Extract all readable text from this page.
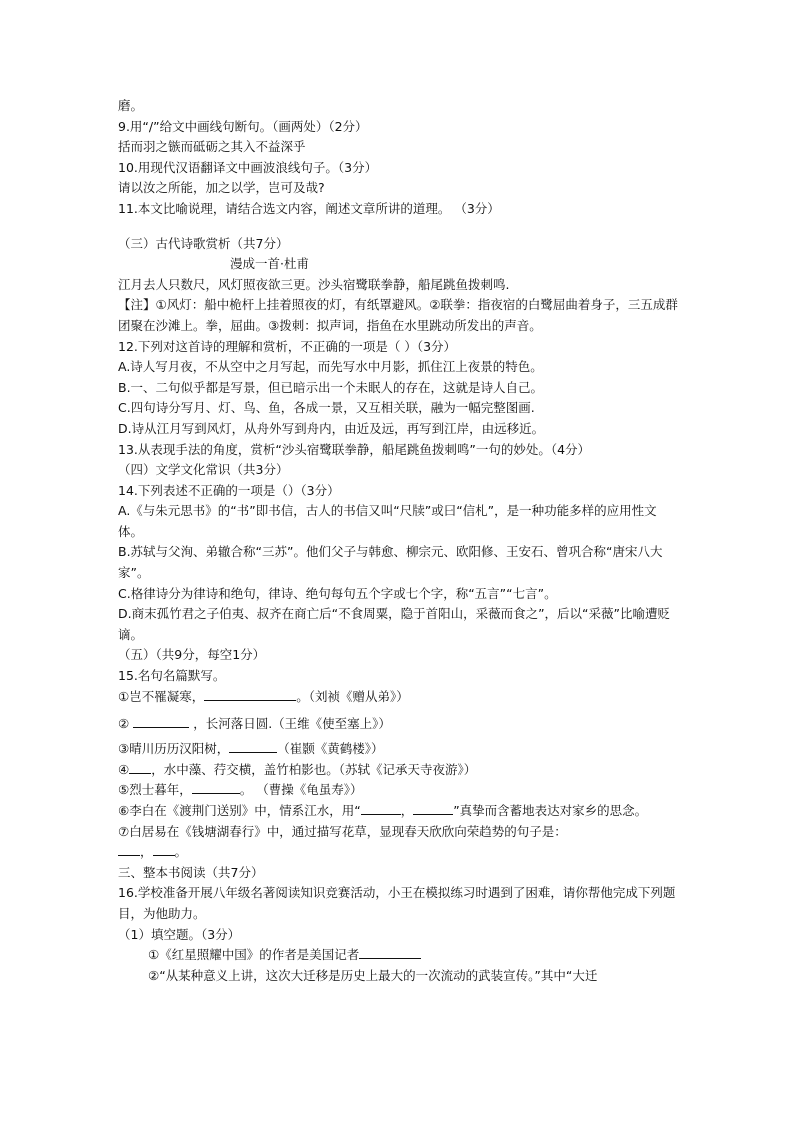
磨。
9.用“/”给文中画线句断句。（画两处）（2分）
括而羽之镞而砥砺之其入不益深乎
10.用现代汉语翻译文中画波浪线句子。（3分）
请以汝之所能，加之以学，岂可及哉?
11.本文比喻说理，请结合选文内容，阐述文章所讲的道理。 （3分）
（三）古代诗歌赏析（共7分）
漫成一首·杜甫
江月去人只数尺，风灯照夜欲三更。沙头宿鹭联拳静，船尾跳鱼拨刺鸣.
【注】①风灯：船中桅杆上挂着照夜的灯，有纸罩避风。②联拳：指夜宿的白鹭屈曲着身子，三五成群团聚在沙滩上。拳，屈曲。③拨刺：拟声词，指鱼在水里跳动所发出的声音。
12.下列对这首诗的理解和赏析，不正确的一项是（ ）（3分）
A.诗人写月夜，不从空中之月写起，而先写水中月影，抓住江上夜景的特色。
B.一、二句似乎都是写景，但已暗示出一个未眠人的存在，这就是诗人自己。
C.四句诗分写月、灯、鸟、鱼，各成一景，又互相关联，融为一幅完整图画.
D.诗从江月写到风灯，从舟外写到舟内，由近及远，再写到江岸，由远移近。
13.从表现手法的角度，赏析“沙头宿鹭联拳静，船尾跳鱼拨刺鸣”一句的妙处。（4分）
（四）文学文化常识（共3分）
14.下列表述不正确的一项是（）（3分）
A.《与朱元思书》的“书”即书信，古人的书信又叫“尺牍”或曰“信札”，是一种功能多样的应用性文体。
B.苏轼与父洵、弟辙合称“三苏”。他们父子与韩愈、柳宗元、欧阳修、王安石、曾巩合称“唐宋八大家”。
C.格律诗分为律诗和绝句，律诗、绝句每句五个字或七个字，称“五言”“七言”。
D.商末孤竹君之子伯夷、叔齐在商亡后“不食周粟，隐于首阳山，采薇而食之”，后以“采薇”比喻遭贬谪。
（五）（共9分，每空1分）
15.名句名篇默写。
①岂不罹凝寒，	。（刘祯《赠从弟》）
②	，长河落日圆.（王维《使至塞上》）
③晴川历历汉阳树，	（崔颢《黄鹤楼》）
④ ，水中藻、荇交横，盖竹柏影也。（苏轼《记承天寺夜游》）
⑤烈士暮年，	。 （曹操《龟虽寿》）
⑥李白在《渡荆门送别》中，情系江水，用“	，	”真挚而含蓄地表达对家乡的思念。
⑦白居易在《钱塘湖春行》中，通过描写花草，显现春天欣欣向荣趋势的句子是：
， 。
三、整本书阅读（共7分）
16.学校准备开展八年级名著阅读知识竞赛活动，小王在模拟练习时遇到了困难，请你帮他完成下列题目，为他助力。
（1）填空题。（3分）
①《红星照耀中国》的作者是美国记者
②“从某种意义上讲，这次大迁移是历史上最大的一次流动的武装宣传。”其中“大迁
